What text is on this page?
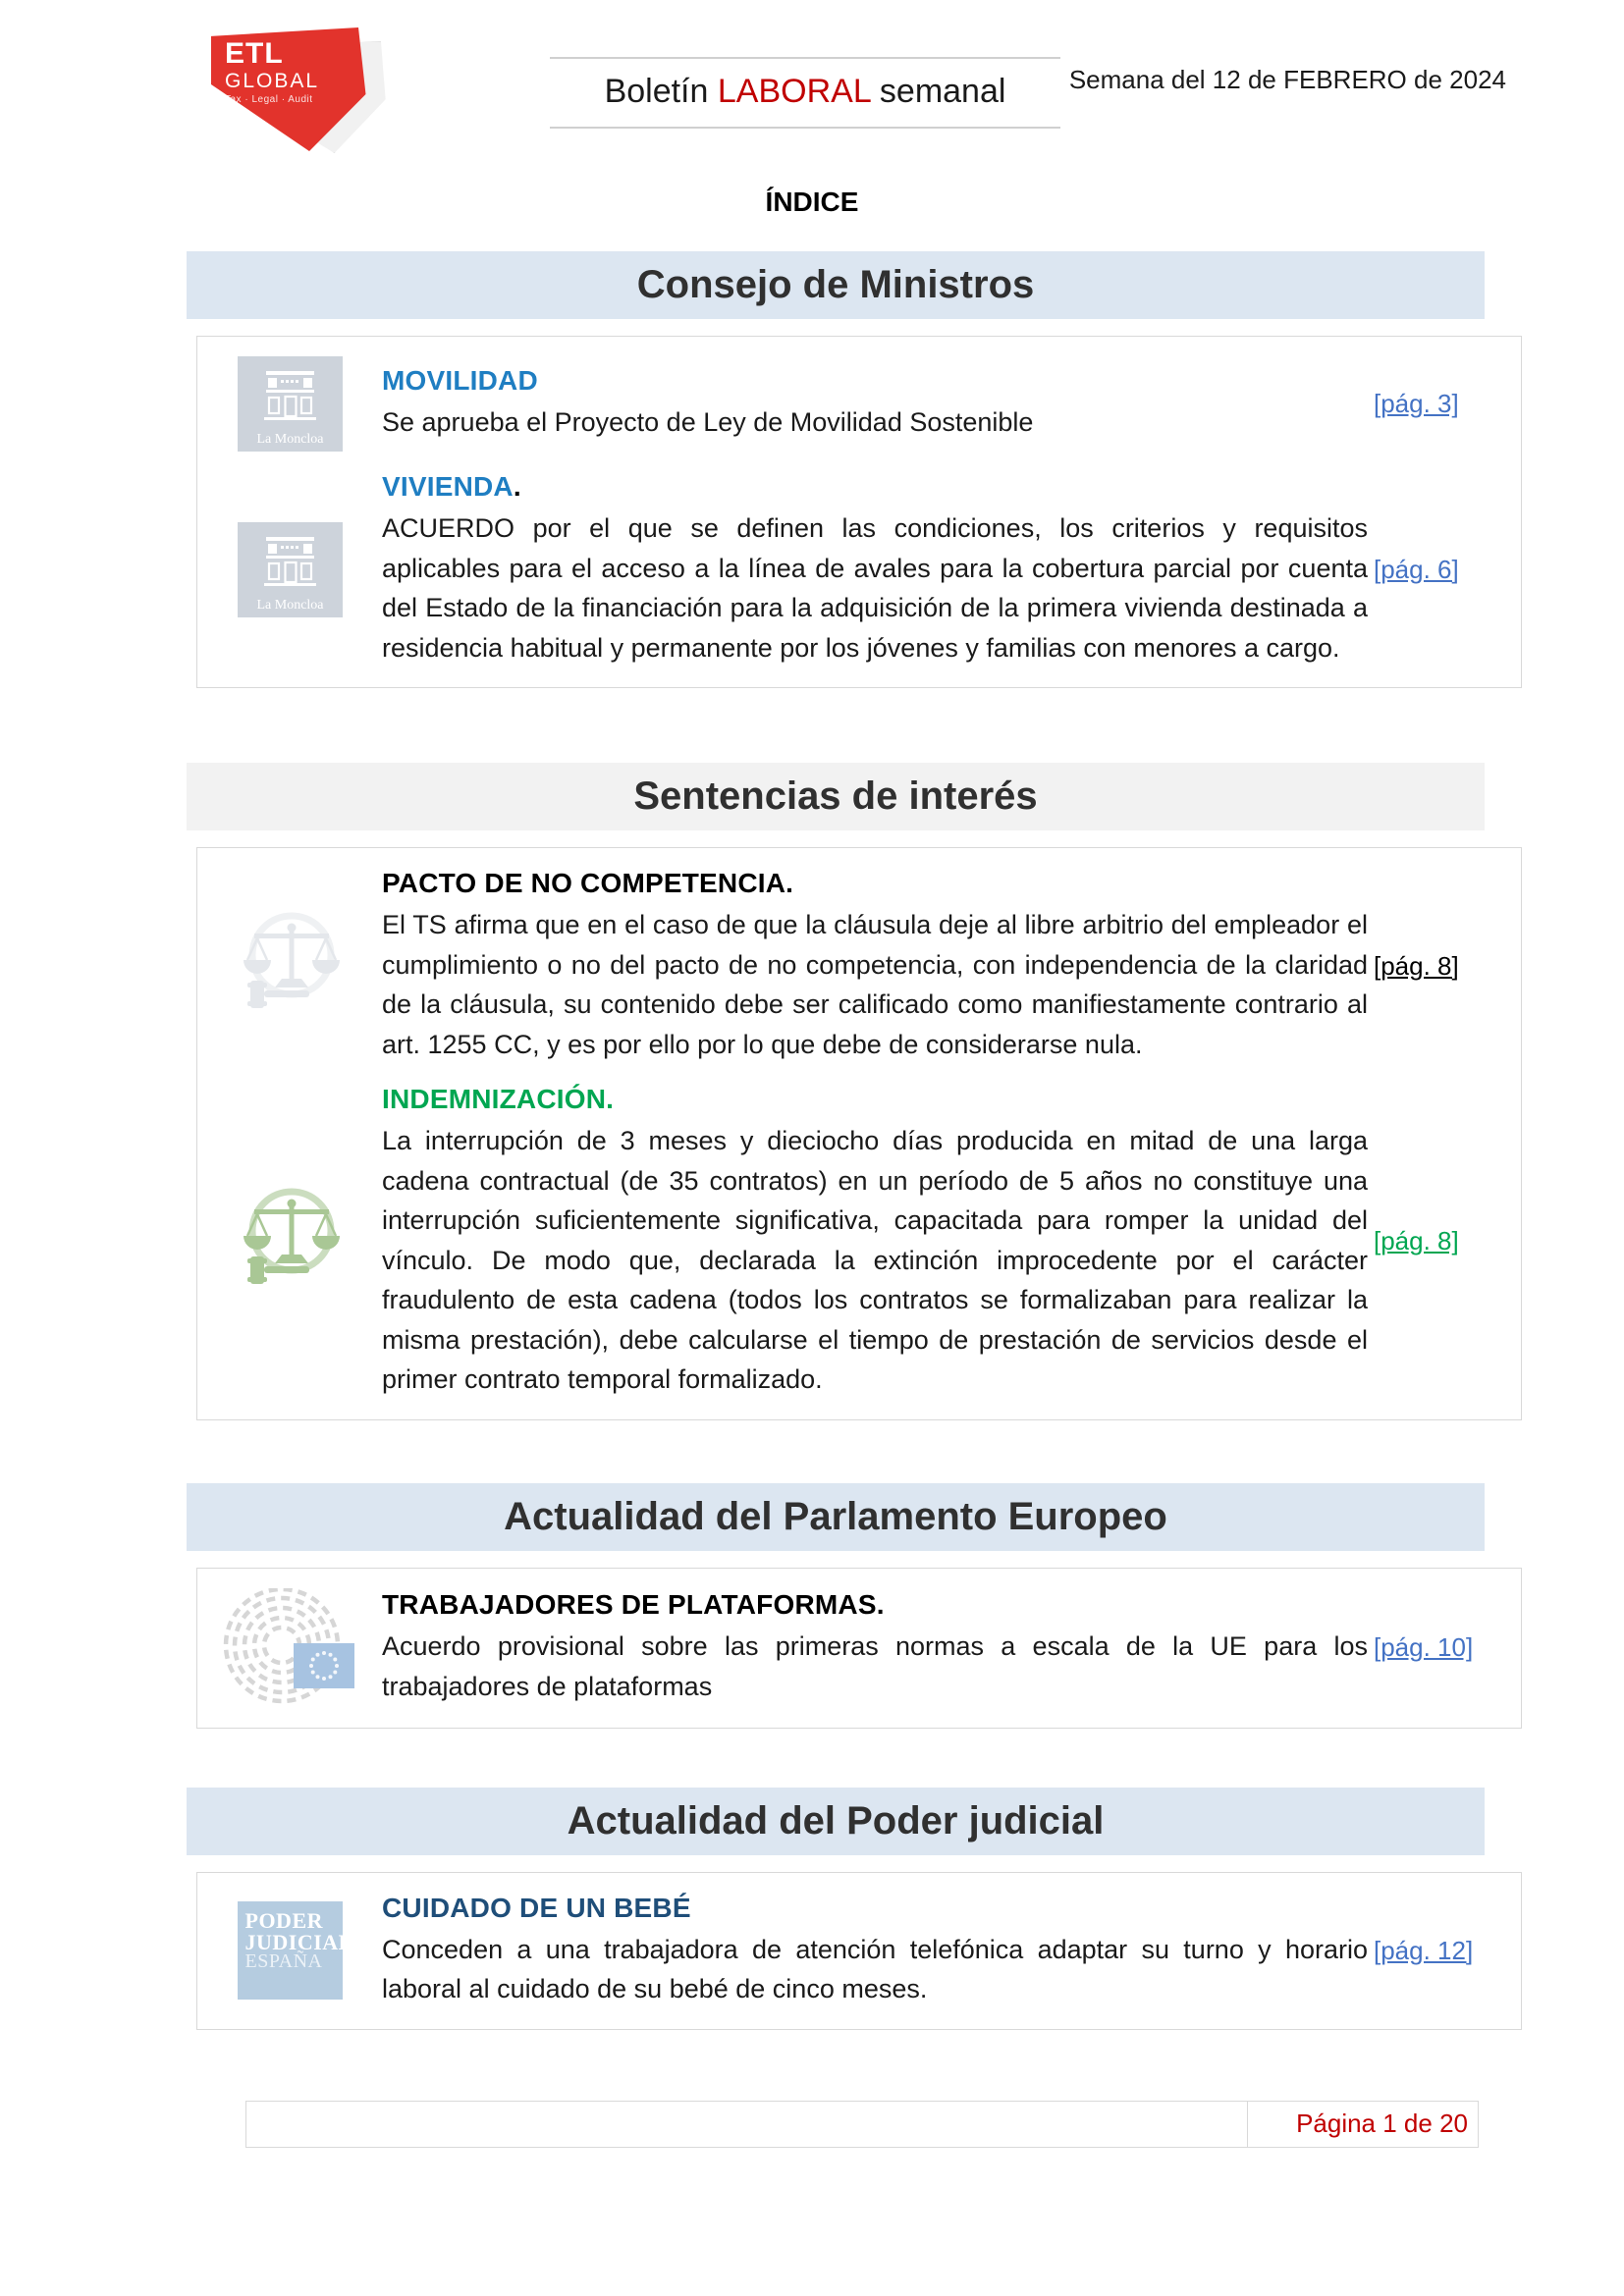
ETL
GLOBAL
Tax · Legal · Audit	Boletín LABORAL semanal	Semana del 12 de FEBRERO de 2024
ÍNDICE
Consejo de Ministros
La Moncloa
MOVILIDAD
Se aprueba el Proyecto de Ley de Movilidad Sostenible
[pág. 3]
La Moncloa
VIVIENDA.
ACUERDO por el que se definen las condiciones, los criterios y requisitos aplicables para el acceso a la línea de avales para la cobertura parcial por cuenta del Estado de la financiación para la adquisición de la primera vivienda destinada a residencia habitual y permanente por los jóvenes y familias con menores a cargo.
[pág. 6]
Sentencias de interés
PACTO DE NO COMPETENCIA.
El TS afirma que en el caso de que la cláusula deje al libre arbitrio del empleador el cumplimiento o no del pacto de no competencia, con independencia de la claridad de la cláusula, su contenido debe ser calificado como manifiestamente contrario al art. 1255 CC, y es por ello por lo que debe de considerarse nula.
[pág. 8]
INDEMNIZACIÓN.
La interrupción de 3 meses y dieciocho días producida en mitad de una larga cadena contractual (de 35 contratos) en un período de 5 años no constituye una interrupción suficientemente significativa, capacitada para romper la unidad del vínculo. De modo que, declarada la extinción improcedente por el carácter fraudulento de esta cadena (todos los contratos se formalizaban para realizar la misma prestación), debe calcularse el tiempo de prestación de servicios desde el primer contrato temporal formalizado.
[pág. 8]
Actualidad del Parlamento Europeo
TRABAJADORES DE PLATAFORMAS.
Acuerdo provisional sobre las primeras normas a escala de la UE para los trabajadores de plataformas
[pág. 10]
Actualidad del Poder judicial
PODER
JUDICIAL
ESPAÑA
CUIDADO DE UN BEBÉ
Conceden a una trabajadora de atención telefónica adaptar su turno y horario laboral al cuidado de su bebé de cinco meses.
[pág. 12]
Página 1 de 20
